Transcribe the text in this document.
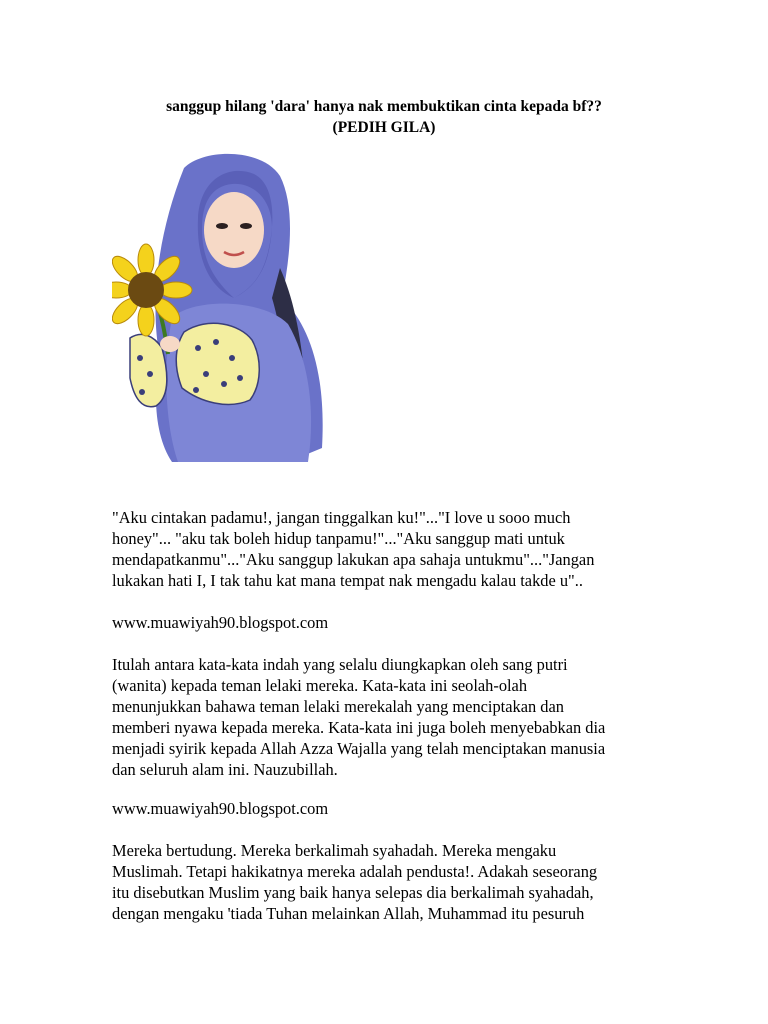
sanggup hilang 'dara' hanya nak membuktikan cinta kepada bf??
(PEDIH GILA)
"Aku cintakan padamu!, jangan tinggalkan ku!"..."I love u sooo much
honey"... "aku tak boleh hidup tanpamu!"..."Aku sanggup mati untuk
mendapatkanmu"..."Aku sanggup lakukan apa sahaja untukmu"..."Jangan
lukakan hati I, I tak tahu kat mana tempat nak mengadu kalau takde u"..
www.muawiyah90.blogspot.com
Itulah antara kata-kata indah yang selalu diungkapkan oleh sang putri
(wanita) kepada teman lelaki mereka. Kata-kata ini seolah-olah
menunjukkan bahawa teman lelaki merekalah yang menciptakan dan
memberi nyawa kepada mereka. Kata-kata ini juga boleh menyebabkan dia
menjadi syirik kepada Allah Azza Wajalla yang telah menciptakan manusia
dan seluruh alam ini. Nauzubillah.
www.muawiyah90.blogspot.com
Mereka bertudung. Mereka berkalimah syahadah. Mereka mengaku
Muslimah. Tetapi hakikatnya mereka adalah pendusta!. Adakah seseorang
itu disebutkan Muslim yang baik hanya selepas dia berkalimah syahadah,
dengan mengaku 'tiada Tuhan melainkan Allah, Muhammad itu pesuruh
